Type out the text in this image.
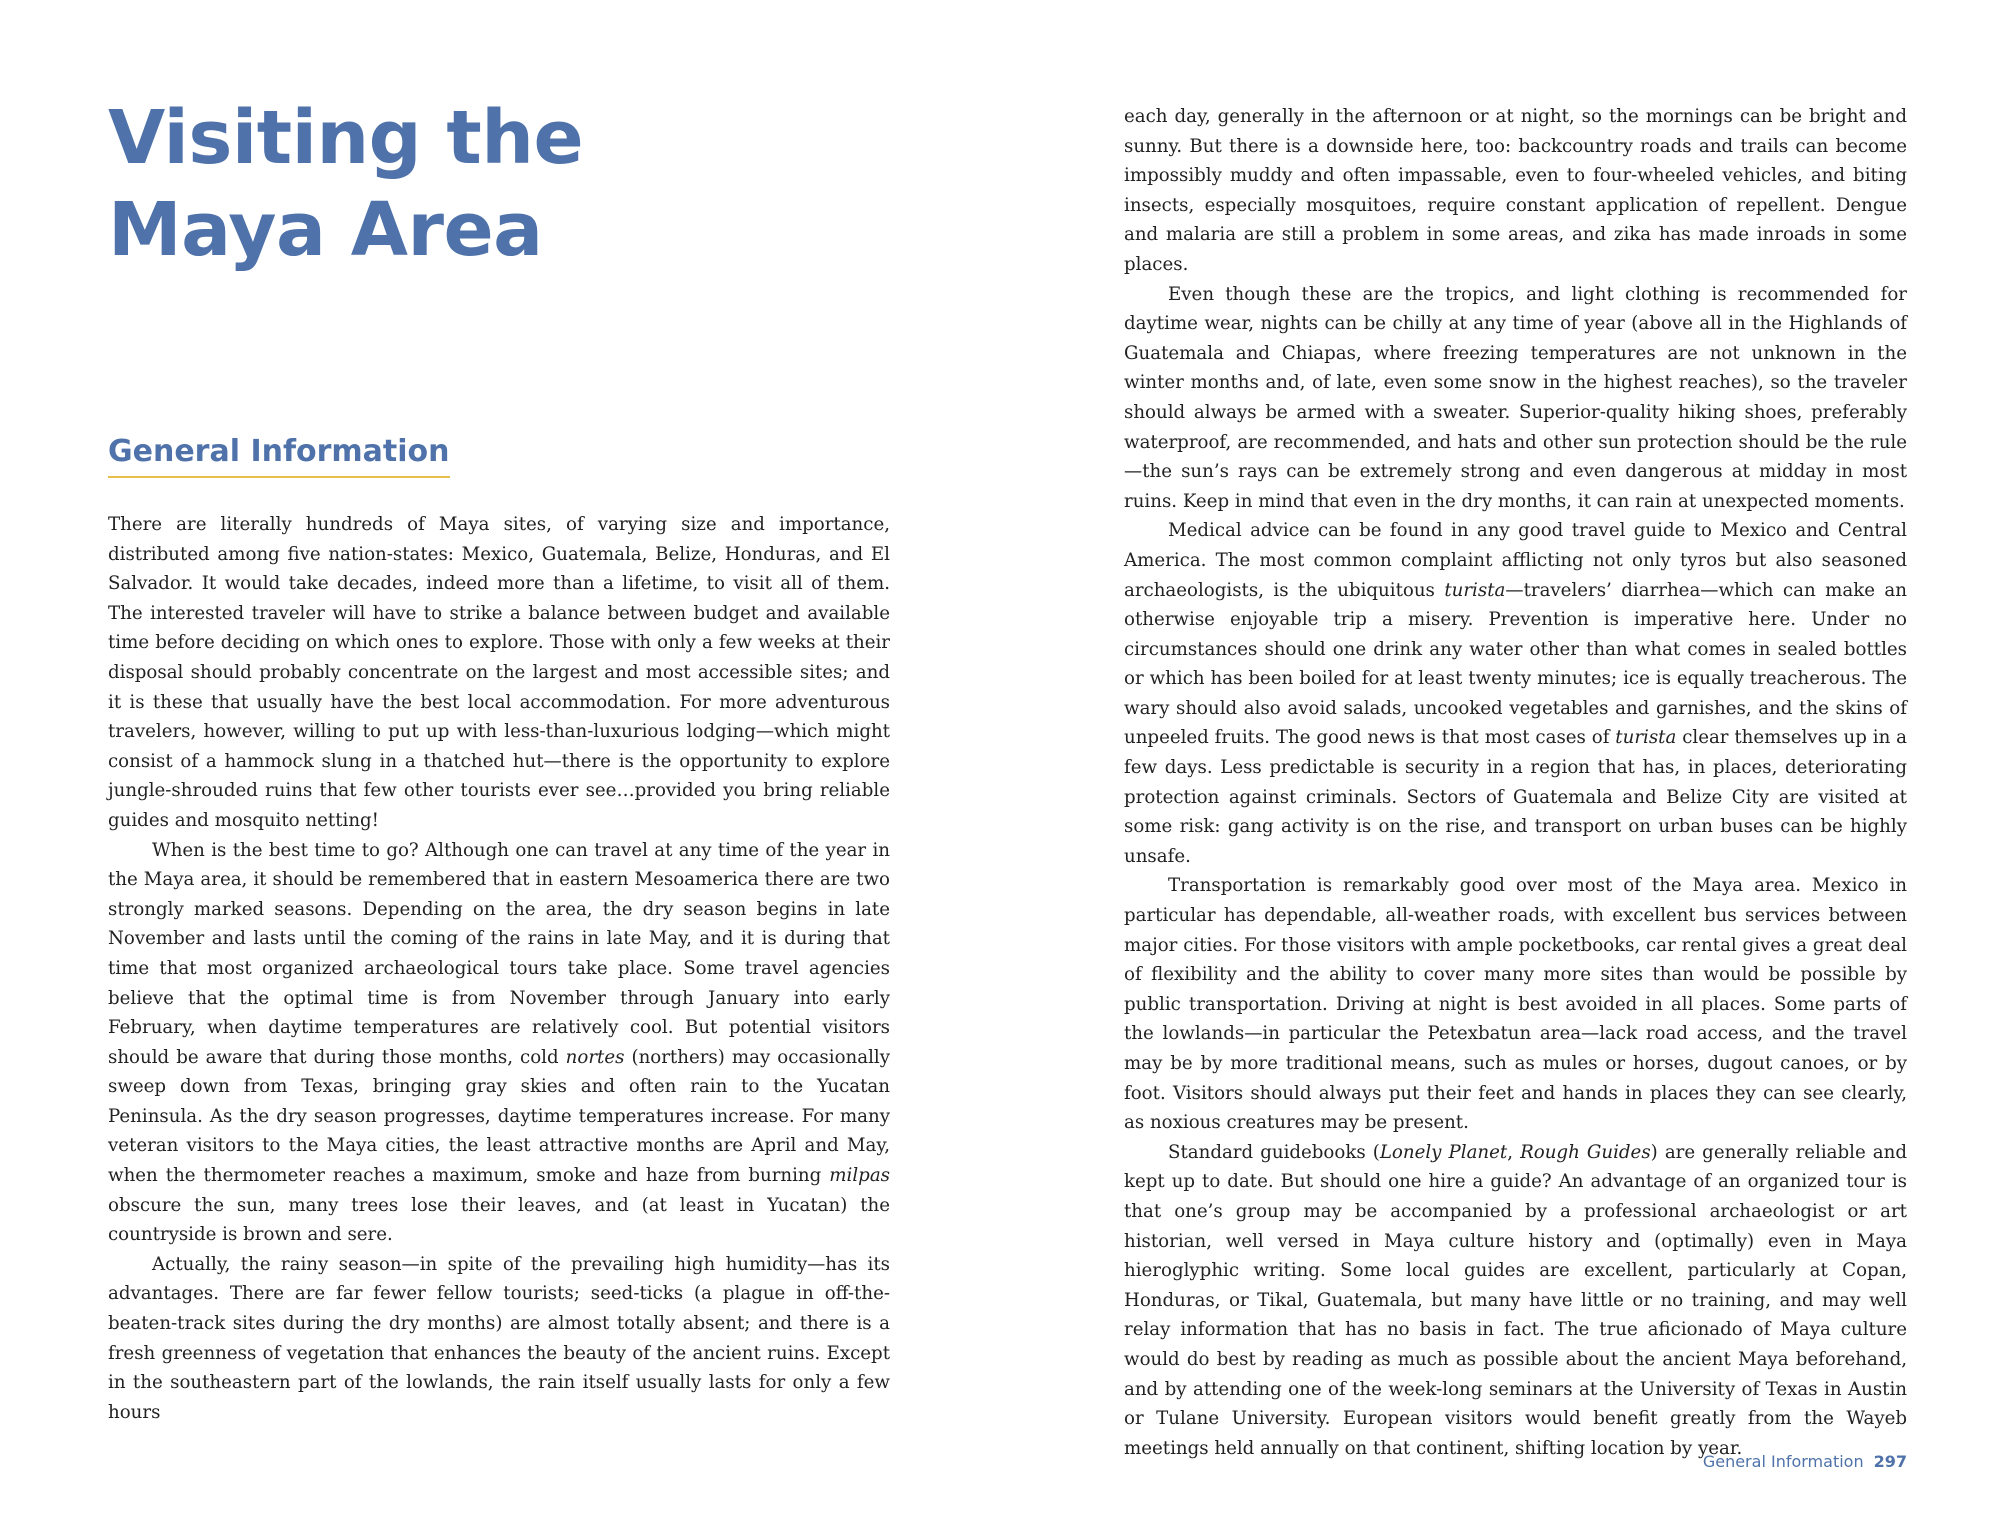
Visiting the Maya Area
General Information

There are literally hundreds of Maya sites, of varying size and importance, distributed among five nation-states: Mexico, Guatemala, Belize, Honduras, and El Salvador. It would take decades, indeed more than a lifetime, to visit all of them. The interested traveler will have to strike a balance between budget and available time before deciding on which ones to explore. Those with only a few weeks at their disposal should probably concentrate on the largest and most accessible sites; and it is these that usually have the best local accommodation. For more adventurous travelers, however, willing to put up with less-than-luxurious lodging—which might consist of a hammock slung in a thatched hut—there is the opportunity to explore jungle-shrouded ruins that few other tourists ever see…provided you bring reliable guides and mosquito netting!

When is the best time to go? Although one can travel at any time of the year in the Maya area, it should be remembered that in eastern Mesoamerica there are two strongly marked seasons. Depending on the area, the dry season begins in late November and lasts until the coming of the rains in late May, and it is during that time that most organized archaeological tours take place. Some travel agencies believe that the optimal time is from November through January into early February, when daytime temperatures are relatively cool. But potential visitors should be aware that during those months, cold nortes (northers) may occasionally sweep down from Texas, bringing gray skies and often rain to the Yucatan Peninsula. As the dry season progresses, daytime temperatures increase. For many veteran visitors to the Maya cities, the least attractive months are April and May, when the thermometer reaches a maximum, smoke and haze from burning milpas obscure the sun, many trees lose their leaves, and (at least in Yucatan) the countryside is brown and sere.

Actually, the rainy season—in spite of the prevailing high humidity—has its advantages. There are far fewer fellow tourists; seed-ticks (a plague in off-the-beaten-track sites during the dry months) are almost totally absent; and there is a fresh greenness of vegetation that enhances the beauty of the ancient ruins. Except in the southeastern part of the lowlands, the rain itself usually lasts for only a few hours

each day, generally in the afternoon or at night, so the mornings can be bright and sunny. But there is a downside here, too: backcountry roads and trails can become impossibly muddy and often impassable, even to four-wheeled vehicles, and biting insects, especially mosquitoes, require constant application of repellent. Dengue and malaria are still a problem in some areas, and zika has made inroads in some places.

Even though these are the tropics, and light clothing is recommended for daytime wear, nights can be chilly at any time of year (above all in the Highlands of Guatemala and Chiapas, where freezing temperatures are not unknown in the winter months and, of late, even some snow in the highest reaches), so the traveler should always be armed with a sweater. Superior-quality hiking shoes, preferably waterproof, are recommended, and hats and other sun protection should be the rule—the sun’s rays can be extremely strong and even dangerous at midday in most ruins. Keep in mind that even in the dry months, it can rain at unexpected moments.

Medical advice can be found in any good travel guide to Mexico and Central America. The most common complaint afflicting not only tyros but also seasoned archaeologists, is the ubiquitous turista—travelers’ diarrhea—which can make an otherwise enjoyable trip a misery. Prevention is imperative here. Under no circumstances should one drink any water other than what comes in sealed bottles or which has been boiled for at least twenty minutes; ice is equally treacherous. The wary should also avoid salads, uncooked vegetables and garnishes, and the skins of unpeeled fruits. The good news is that most cases of turista clear themselves up in a few days. Less predictable is security in a region that has, in places, deteriorating protection against criminals. Sectors of Guatemala and Belize City are visited at some risk: gang activity is on the rise, and transport on urban buses can be highly unsafe.

Transportation is remarkably good over most of the Maya area. Mexico in particular has dependable, all-weather roads, with excellent bus services between major cities. For those visitors with ample pocketbooks, car rental gives a great deal of flexibility and the ability to cover many more sites than would be possible by public transportation. Driving at night is best avoided in all places. Some parts of the lowlands—in particular the Petexbatun area—lack road access, and the travel may be by more traditional means, such as mules or horses, dugout canoes, or by foot. Visitors should always put their feet and hands in places they can see clearly, as noxious creatures may be present.

Standard guidebooks (Lonely Planet, Rough Guides) are generally reliable and kept up to date. But should one hire a guide? An advantage of an organized tour is that one’s group may be accompanied by a professional archaeologist or art historian, well versed in Maya culture history and (optimally) even in Maya hieroglyphic writing. Some local guides are excellent, particularly at Copan, Honduras, or Tikal, Guatemala, but many have little or no training, and may well relay information that has no basis in fact. The true aficionado of Maya culture would do best by reading as much as possible about the ancient Maya beforehand, and by attending one of the week-long seminars at the University of Texas in Austin or Tulane University. European visitors would benefit greatly from the Wayeb meetings held annually on that continent, shifting location by year.

General Information 297
